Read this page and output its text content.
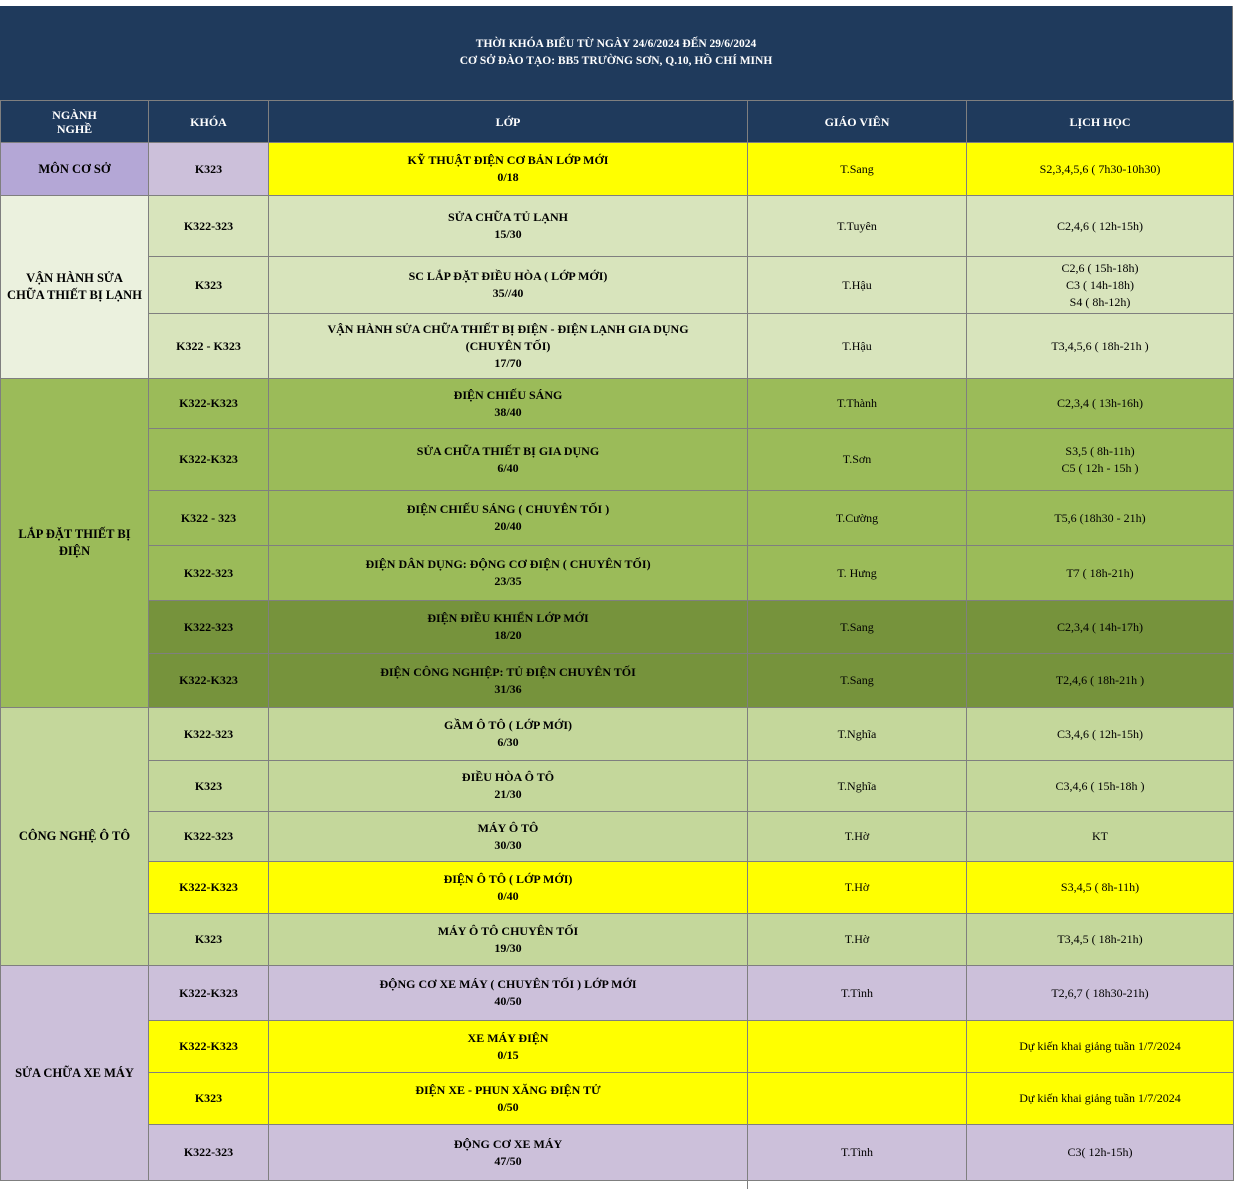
THỜI KHÓA BIỂU TỪ NGÀY 24/6/2024 ĐẾN 29/6/2024
CƠ SỞ ĐÀO TẠO: BB5 TRƯỜNG SƠN, Q.10, HỒ CHÍ MINH
NGÀNH
NGHỀ	KHÓA	LỚP	GIÁO VIÊN	LỊCH HỌC

MÔN CƠ SỞ	K323	KỸ THUẬT ĐIỆN CƠ BẢN LỚP MỚI
0/18	T.Sang	S2,3,4,5,6 ( 7h30-10h30)

VẬN HÀNH SỬA
CHỮA THIẾT BỊ LẠNH	K322-323	SỬA CHỮA TỦ LẠNH
15/30	T.Tuyên	C2,4,6 ( 12h-15h)

	K323	SC LẮP ĐẶT ĐIỀU HÒA ( LỚP MỚI)
35//40	T.Hậu	C2,6 ( 15h-18h)
C3 ( 14h-18h)
S4 ( 8h-12h)

	K322 - K323	VẬN HÀNH SỬA CHỮA THIẾT BỊ ĐIỆN - ĐIỆN LẠNH GIA DỤNG
(CHUYÊN TỐI)
17/70	T.Hậu	T3,4,5,6 ( 18h-21h )

LẮP ĐẶT THIẾT BỊ
ĐIỆN	K322-K323	ĐIỆN CHIẾU SÁNG
38/40	T.Thành	C2,3,4 ( 13h-16h)

	K322-K323	SỬA CHỮA THIẾT BỊ GIA DỤNG
6/40	T.Sơn	S3,5 ( 8h-11h)
C5 ( 12h - 15h )

	K322 - 323	ĐIỆN CHIẾU SÁNG ( CHUYÊN TỐI )
20/40	T.Cường	T5,6 (18h30 - 21h)

	K322-323	ĐIỆN DÂN DỤNG: ĐỘNG CƠ ĐIỆN ( CHUYÊN TỐI)
23/35	T. Hưng	T7 ( 18h-21h)

	K322-323	ĐIỆN ĐIỀU KHIỂN LỚP MỚI
18/20	T.Sang	C2,3,4 ( 14h-17h)

	K322-K323	ĐIỆN CÔNG NGHIỆP: TỦ ĐIỆN CHUYÊN TỐI
31/36	T.Sang	T2,4,6 ( 18h-21h )

CÔNG NGHỆ Ô TÔ	K322-323	GẦM Ô TÔ ( LỚP MỚI)
6/30	T.Nghĩa	C3,4,6 ( 12h-15h)

	K323	ĐIỀU HÒA Ô TÔ
21/30	T.Nghĩa	C3,4,6 ( 15h-18h )

	K322-323	MÁY Ô TÔ
30/30	T.Hờ	KT

	K322-K323	ĐIỆN Ô TÔ ( LỚP MỚI)
0/40	T.Hờ	S3,4,5 ( 8h-11h)

	K323	MÁY Ô TÔ CHUYÊN TỐI
19/30	T.Hờ	T3,4,5 ( 18h-21h)

SỬA CHỮA XE MÁY	K322-K323	ĐỘNG CƠ XE MÁY ( CHUYÊN TỐI ) LỚP MỚI
40/50	T.Tình	T2,6,7 ( 18h30-21h)

	K322-K323	XE MÁY ĐIỆN
0/15		Dự kiến khai giảng tuần 1/7/2024

	K323	ĐIỆN XE - PHUN XĂNG ĐIỆN TỬ
0/50		Dự kiến khai giảng tuần 1/7/2024

	K322-323	ĐỘNG CƠ XE MÁY
47/50	T.Tình	C3( 12h-15h)
